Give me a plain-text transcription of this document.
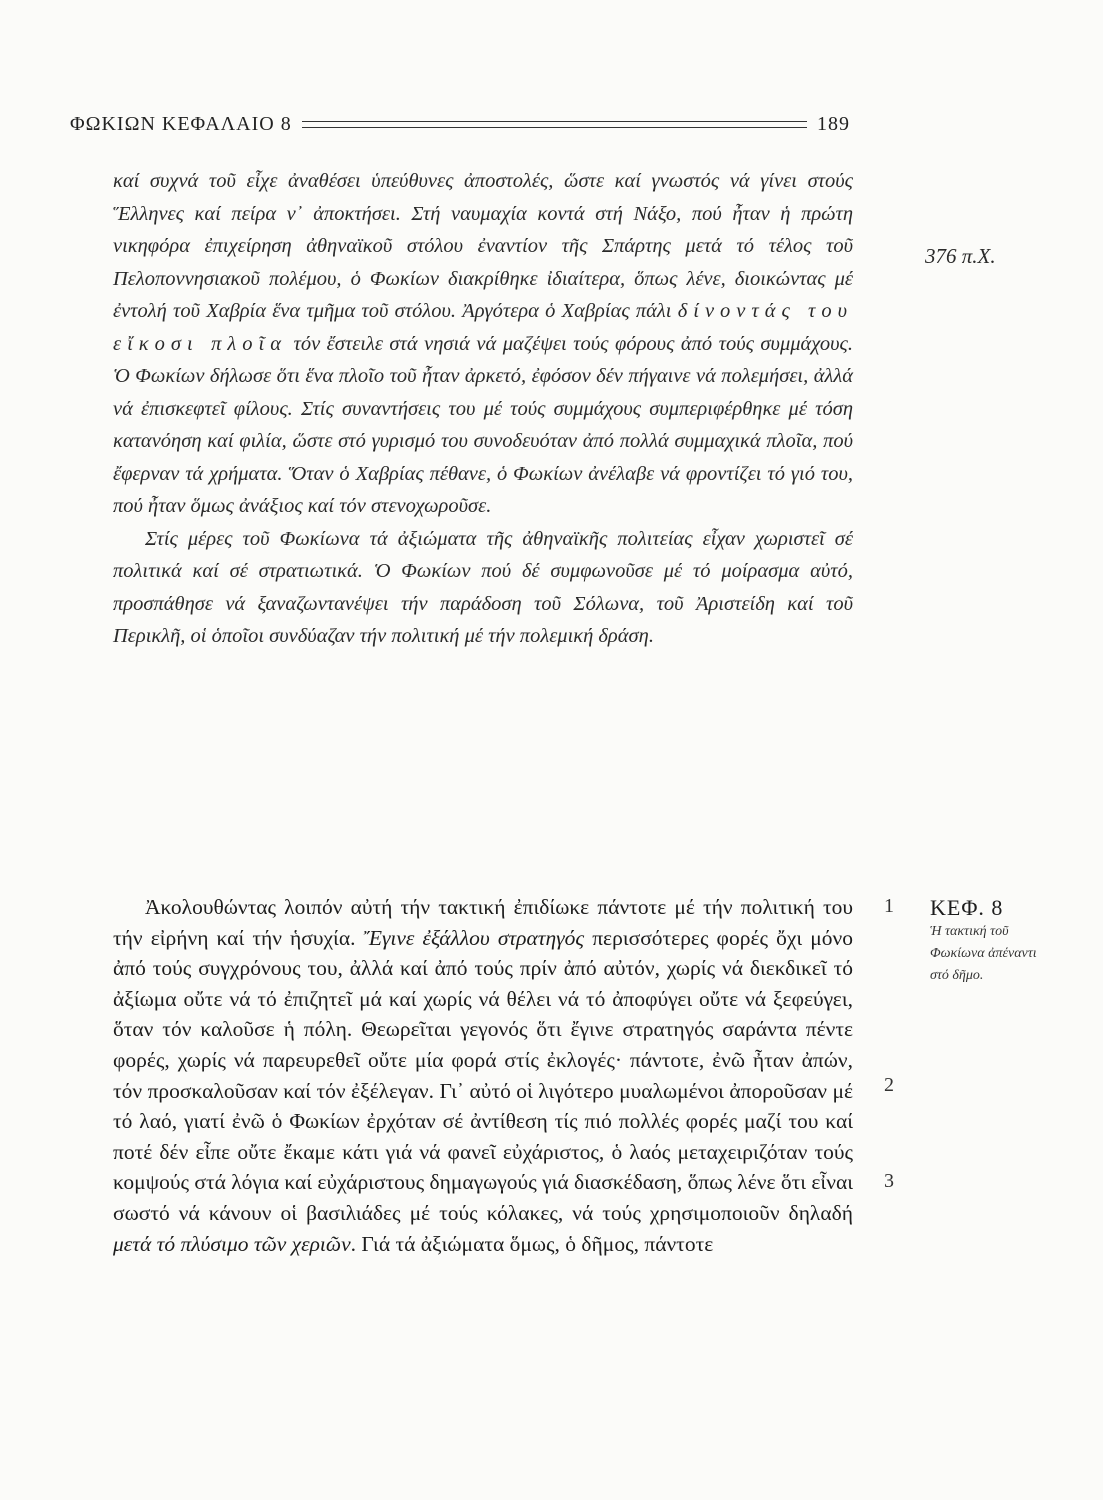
ΦΩΚΙΩΝ ΚΕΦΑΛΑΙΟ 8	189

καί συχνά τοῦ εἶχε ἀναθέσει ὑπεύθυνες ἀποστολές, ὥστε καί γνωστός νά γίνει στούς Ἕλληνες καί πείρα ν᾿ ἀποκτήσει. Στή ναυμαχία κοντά στή Νάξο, πού ἦταν ἡ πρώτη νικηφόρα ἐπιχείρηση ἀθηναϊκοῦ στόλου ἐναντίον τῆς Σπάρτης μετά τό τέλος τοῦ Πελοποννησιακοῦ πολέμου, ὁ Φωκίων διακρίθηκε ἰδιαίτερα, ὅπως λένε, διοικώντας μέ ἐντολή τοῦ Χαβρία ἕνα τμῆμα τοῦ στόλου. Ἀργότερα ὁ Χαβρίας πάλι δίνοντάς του εἴκοσι πλοῖα τόν ἔστειλε στά νησιά νά μαζέψει τούς φόρους ἀπό τούς συμμάχους. Ὁ Φωκίων δήλωσε ὅτι ἕνα πλοῖο τοῦ ἦταν ἀρκετό, ἐφόσον δέν πήγαινε νά πολεμήσει, ἀλλά νά ἐπισκεφτεῖ φίλους. Στίς συναντήσεις του μέ τούς συμμάχους συμπεριφέρθηκε μέ τόση κατανόηση καί φιλία, ὥστε στό γυρισμό του συνοδευόταν ἀπό πολλά συμμαχικά πλοῖα, πού ἔφερναν τά χρήματα. Ὅταν ὁ Χαβρίας πέθανε, ὁ Φωκίων ἀνέλαβε νά φροντίζει τό γιό του, πού ἦταν ὅμως ἀνάξιος καί τόν στενοχωροῦσε.

Στίς μέρες τοῦ Φωκίωνα τά ἀξιώματα τῆς ἀθηναϊκῆς πολιτείας εἶχαν χωριστεῖ σέ πολιτικά καί σέ στρατιωτικά. Ὁ Φωκίων πού δέ συμφωνοῦσε μέ τό μοίρασμα αὐτό, προσπάθησε νά ξαναζωντανέψει τήν παράδοση τοῦ Σόλωνα, τοῦ Ἀριστείδη καί τοῦ Περικλῆ, οἱ ὁποῖοι συνδύαζαν τήν πολιτική μέ τήν πολεμική δράση.

376 π.Χ.

Ἀκολουθώντας λοιπόν αὐτή τήν τακτική ἐπιδίωκε πάντοτε μέ τήν πολιτική του τήν εἰρήνη καί τήν ἡσυχία. Ἔγινε ἐξάλλου στρατηγός περισσότερες φορές ὄχι μόνο ἀπό τούς συγχρόνους του, ἀλλά καί ἀπό τούς πρίν ἀπό αὐτόν, χωρίς νά διεκδικεῖ τό ἀξίωμα οὔτε νά τό ἐπιζητεῖ μά καί χωρίς νά θέλει νά τό ἀποφύγει οὔτε νά ξεφεύγει, ὅταν τόν καλοῦσε ἡ πόλη. Θεωρεῖται γεγονός ὅτι ἔγινε στρατηγός σαράντα πέντε φορές, χωρίς νά παρευρεθεῖ οὔτε μία φορά στίς ἐκλογές· πάντοτε, ἐνῶ ἦταν ἀπών, τόν προσκαλοῦσαν καί τόν ἐξέλεγαν. Γι᾿ αὐτό οἱ λιγότερο μυαλωμένοι ἀποροῦσαν μέ τό λαό, γιατί ἐνῶ ὁ Φωκίων ἐρχόταν σέ ἀντίθεση τίς πιό πολλές φορές μαζί του καί ποτέ δέν εἶπε οὔτε ἔκαμε κάτι γιά νά φανεῖ εὐχάριστος, ὁ λαός μεταχειριζόταν τούς κομψούς στά λόγια καί εὐχάριστους δημαγωγούς γιά διασκέδαση, ὅπως λένε ὅτι εἶναι σωστό νά κάνουν οἱ βασιλιάδες μέ τούς κόλακες, νά τούς χρησιμοποιοῦν δηλαδή μετά τό πλύσιμο τῶν χεριῶν. Γιά τά ἀξιώματα ὅμως, ὁ δῆμος, πάντοτε

1
2
3
ΚΕΦ. 8
Ἡ τακτική τοῦ Φωκίωνα ἀπέναντι στό δῆμο.
